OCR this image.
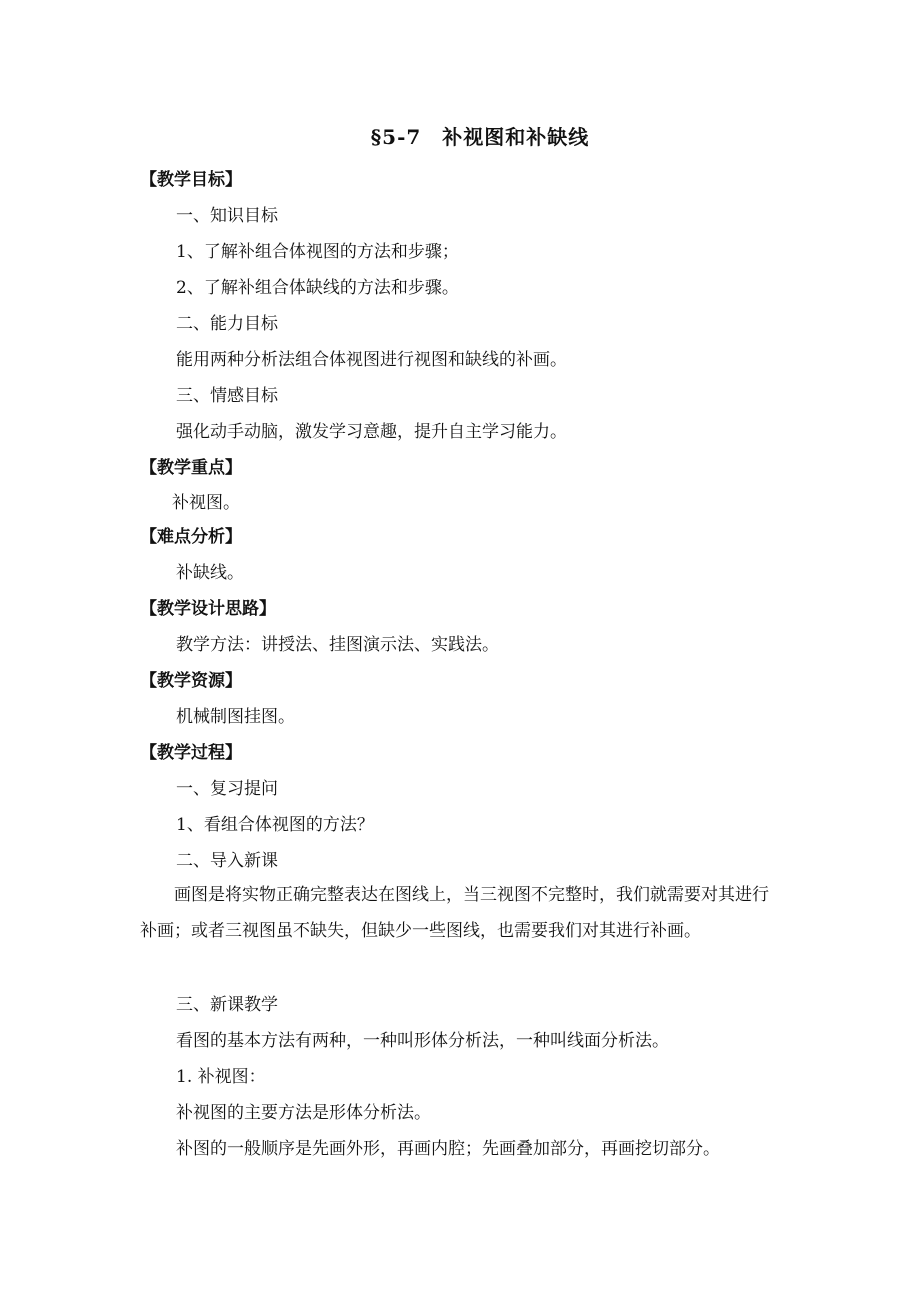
§5-7　补视图和补缺线
【教学目标】
一、知识目标
1、了解补组合体视图的方法和步骤；
2、了解补组合体缺线的方法和步骤。
二、能力目标
能用两种分析法组合体视图进行视图和缺线的补画。
三、情感目标
强化动手动脑，激发学习意趣，提升自主学习能力。
【教学重点】
补视图。
【难点分析】
补缺线。
【教学设计思路】
教学方法：讲授法、挂图演示法、实践法。
【教学资源】
机械制图挂图。
【教学过程】
一、复习提问
1、看组合体视图的方法？
二、导入新课
画图是将实物正确完整表达在图线上，当三视图不完整时，我们就需要对其进行补画；或者三视图虽不缺失，但缺少一些图线，也需要我们对其进行补画。
三、新课教学
看图的基本方法有两种，一种叫形体分析法，一种叫线面分析法。
1. 补视图：
补视图的主要方法是形体分析法。
补图的一般顺序是先画外形，再画内腔；先画叠加部分，再画挖切部分。
